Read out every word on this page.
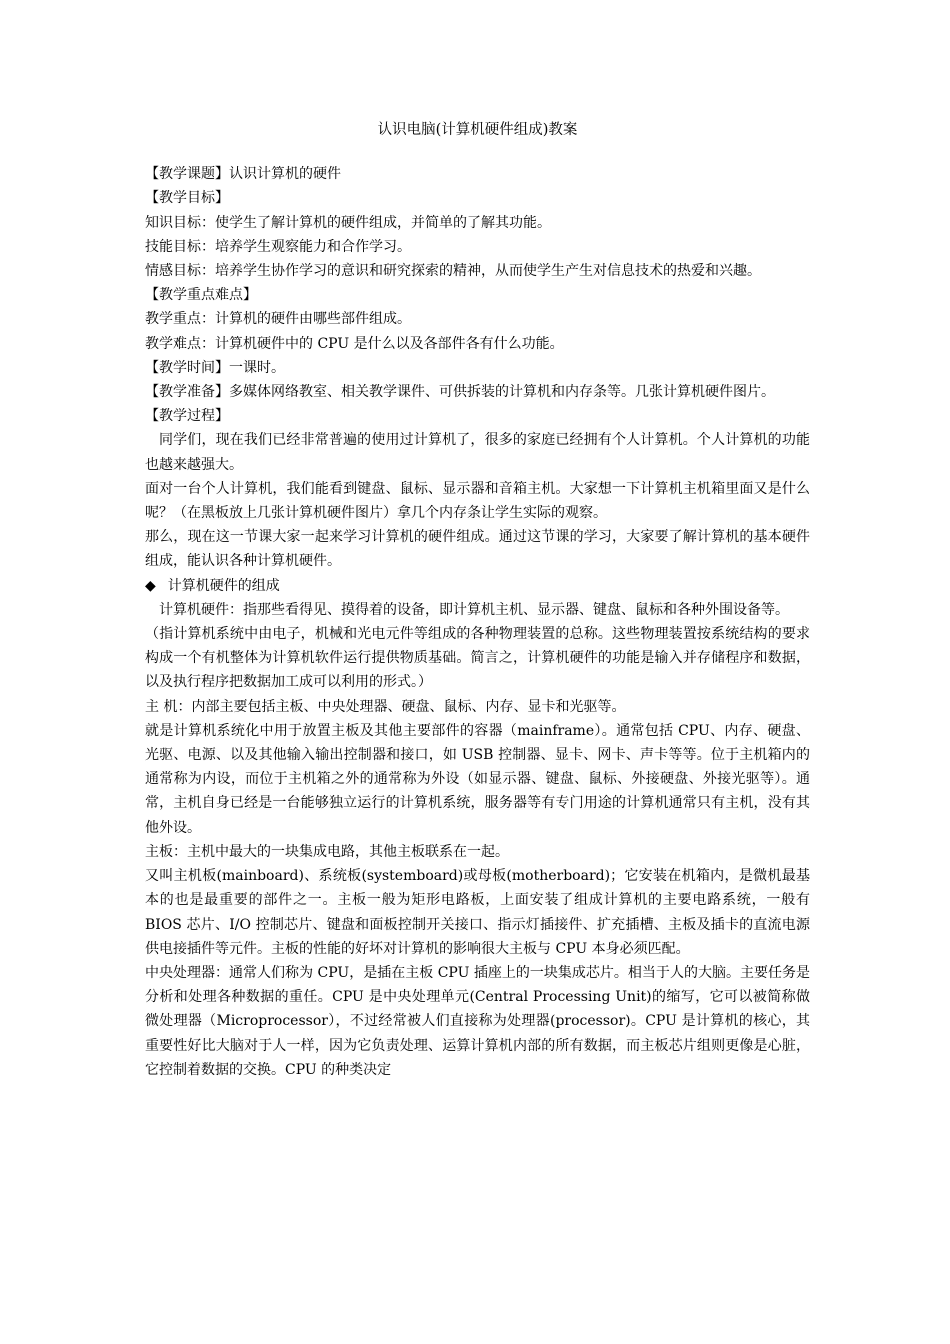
认识电脑(计算机硬件组成)教案

【教学课题】认识计算机的硬件

【教学目标】

知识目标：使学生了解计算机的硬件组成，并简单的了解其功能。

技能目标：培养学生观察能力和合作学习。

情感目标：培养学生协作学习的意识和研究探索的精神，从而使学生产生对信息技术的热爱和兴趣。

【教学重点难点】

教学重点：计算机的硬件由哪些部件组成。

教学难点：计算机硬件中的 CPU 是什么以及各部件各有什么功能。

【教学时间】一课时。

【教学准备】多媒体网络教室、相关教学课件、可供拆装的计算机和内存条等。几张计算机硬件图片。

【教学过程】

同学们，现在我们已经非常普遍的使用过计算机了，很多的家庭已经拥有个人计算机。个人计算机的功能也越来越强大。

面对一台个人计算机，我们能看到键盘、鼠标、显示器和音箱主机。大家想一下计算机主机箱里面又是什么呢？（在黑板放上几张计算机硬件图片）拿几个内存条让学生实际的观察。

那么，现在这一节课大家一起来学习计算机的硬件组成。通过这节课的学习，大家要了解计算机的基本硬件组成，能认识各种计算机硬件。

◆ 计算机硬件的组成

计算机硬件：指那些看得见、摸得着的设备，即计算机主机、显示器、键盘、鼠标和各种外围设备等。

（指计算机系统中由电子，机械和光电元件等组成的各种物理装置的总称。这些物理装置按系统结构的要求构成一个有机整体为计算机软件运行提供物质基础。简言之，计算机硬件的功能是输入并存储程序和数据，以及执行程序把数据加工成可以利用的形式。）

主 机：内部主要包括主板、中央处理器、硬盘、鼠标、内存、显卡和光驱等。

就是计算机系统化中用于放置主板及其他主要部件的容器（mainframe）。通常包括 CPU、内存、硬盘、光驱、电源、以及其他输入输出控制器和接口，如 USB 控制器、显卡、网卡、声卡等等。位于主机箱内的通常称为内设，而位于主机箱之外的通常称为外设（如显示器、键盘、鼠标、外接硬盘、外接光驱等）。通常，主机自身已经是一台能够独立运行的计算机系统，服务器等有专门用途的计算机通常只有主机，没有其他外设。

主板：主机中最大的一块集成电路，其他主板联系在一起。

又叫主机板(mainboard)、系统板(systemboard)或母板(motherboard)；它安装在机箱内，是微机最基本的也是最重要的部件之一。主板一般为矩形电路板，上面安装了组成计算机的主要电路系统，一般有 BIOS 芯片、I/O 控制芯片、键盘和面板控制开关接口、指示灯插接件、扩充插槽、主板及插卡的直流电源供电接插件等元件。主板的性能的好坏对计算机的影响很大主板与 CPU 本身必须匹配。

中央处理器：通常人们称为 CPU，是插在主板 CPU 插座上的一块集成芯片。相当于人的大脑。主要任务是分析和处理各种数据的重任。CPU 是中央处理单元(Central Processing Unit)的缩写，它可以被简称做微处理器（Microprocessor），不过经常被人们直接称为处理器(processor)。CPU 是计算机的核心，其重要性好比大脑对于人一样，因为它负责处理、运算计算机内部的所有数据，而主板芯片组则更像是心脏，它控制着数据的交换。CPU 的种类决定
